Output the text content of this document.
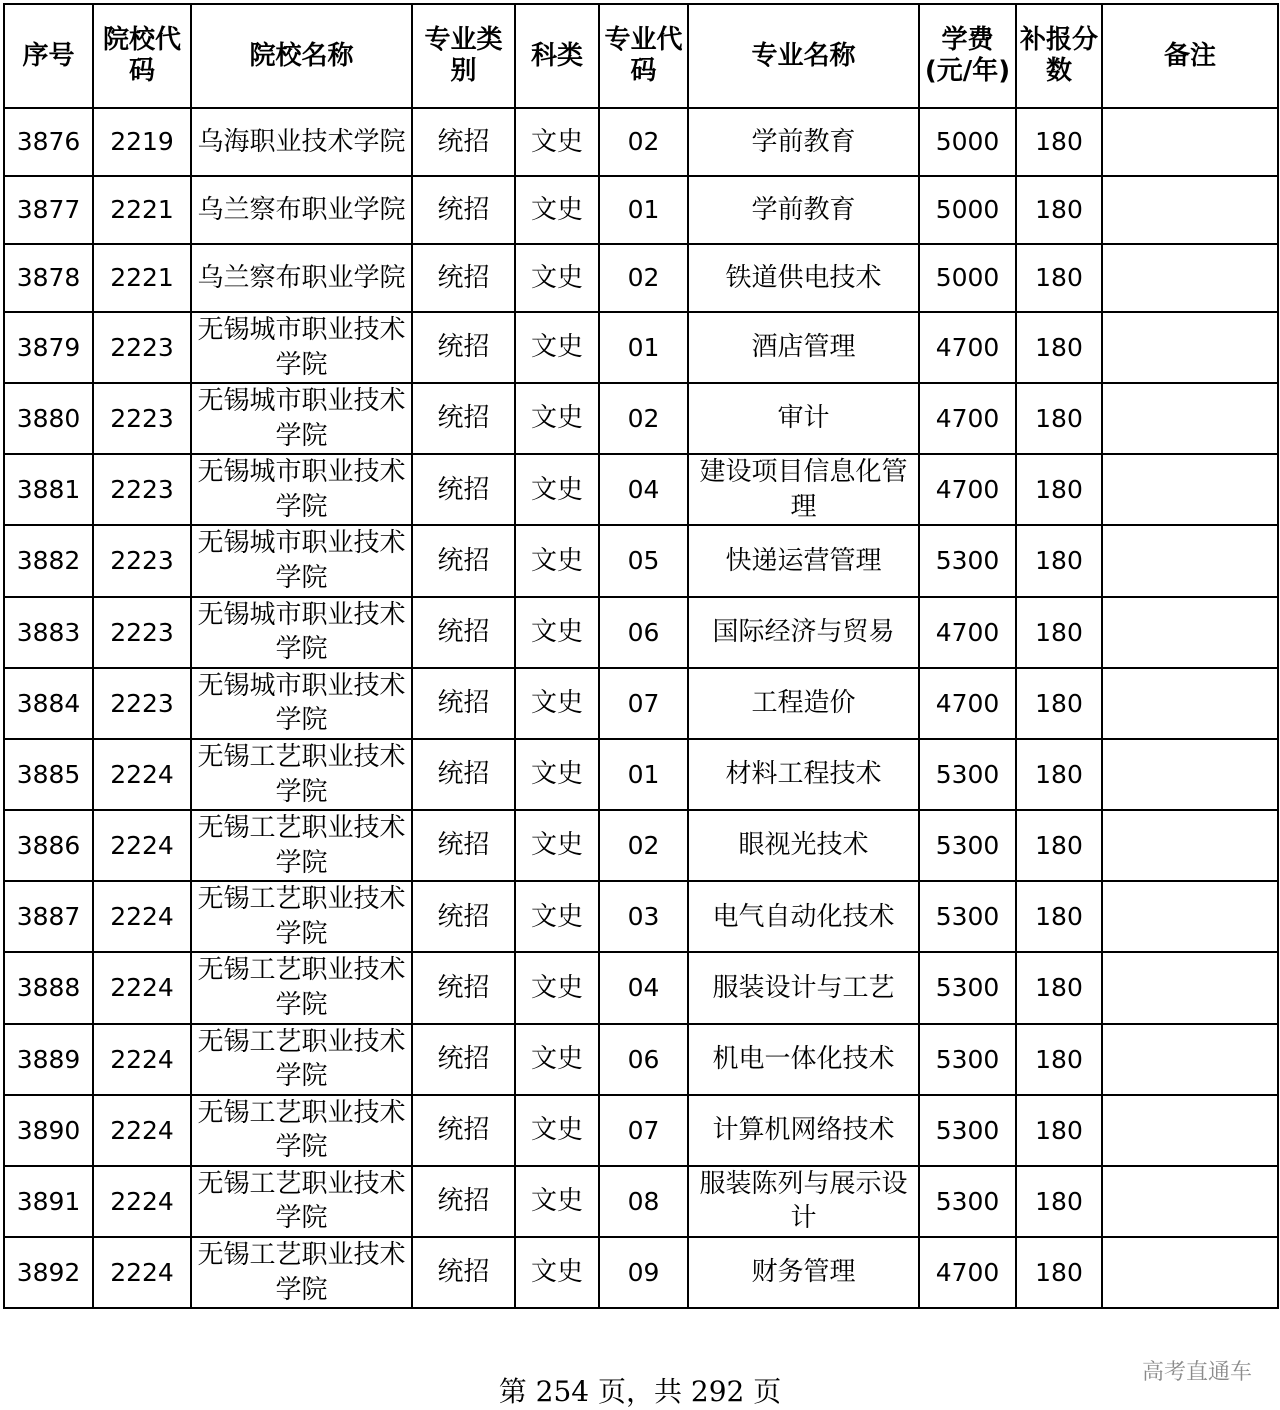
序号	院校代码	院校名称	专业类别	科类	专业代码	专业名称	学费(元/年)	补报分数	备注
3876	2219	乌海职业技术学院	统招	文史	02	学前教育	5000	180	
3877	2221	乌兰察布职业学院	统招	文史	01	学前教育	5000	180	
3878	2221	乌兰察布职业学院	统招	文史	02	铁道供电技术	5000	180	
3879	2223	无锡城市职业技术学院	统招	文史	01	酒店管理	4700	180	
3880	2223	无锡城市职业技术学院	统招	文史	02	审计	4700	180	
3881	2223	无锡城市职业技术学院	统招	文史	04	建设项目信息化管理	4700	180	
3882	2223	无锡城市职业技术学院	统招	文史	05	快递运营管理	5300	180	
3883	2223	无锡城市职业技术学院	统招	文史	06	国际经济与贸易	4700	180	
3884	2223	无锡城市职业技术学院	统招	文史	07	工程造价	4700	180	
3885	2224	无锡工艺职业技术学院	统招	文史	01	材料工程技术	5300	180	
3886	2224	无锡工艺职业技术学院	统招	文史	02	眼视光技术	5300	180	
3887	2224	无锡工艺职业技术学院	统招	文史	03	电气自动化技术	5300	180	
3888	2224	无锡工艺职业技术学院	统招	文史	04	服装设计与工艺	5300	180	
3889	2224	无锡工艺职业技术学院	统招	文史	06	机电一体化技术	5300	180	
3890	2224	无锡工艺职业技术学院	统招	文史	07	计算机网络技术	5300	180	
3891	2224	无锡工艺职业技术学院	统招	文史	08	服装陈列与展示设计	5300	180	
3892	2224	无锡工艺职业技术学院	统招	文史	09	财务管理	4700	180	
第 254 页，共 292 页
高考直通车
